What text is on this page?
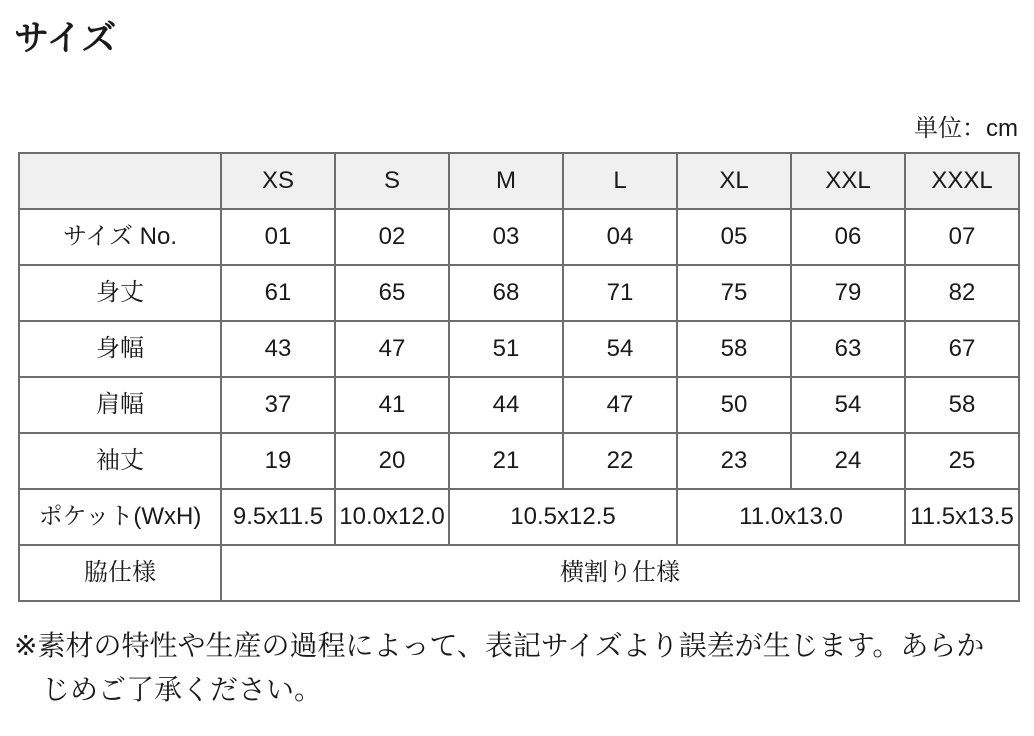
サイズ
単位：cm
	XS	S	M	L	XL	XXL	XXXL
サイズ No.	01	02	03	04	05	06	07
身丈	61	65	68	71	75	79	82
身幅	43	47	51	54	58	63	67
肩幅	37	41	44	47	50	54	58
袖丈	19	20	21	22	23	24	25
ポケット(WxH)	9.5x11.5	10.0x12.0	10.5x12.5		11.0x13.0		11.5x13.5
脇仕様	横割り仕様						

※素材の特性や生産の過程によって、表記サイズより誤差が生じます。あらかじめご了承ください。
